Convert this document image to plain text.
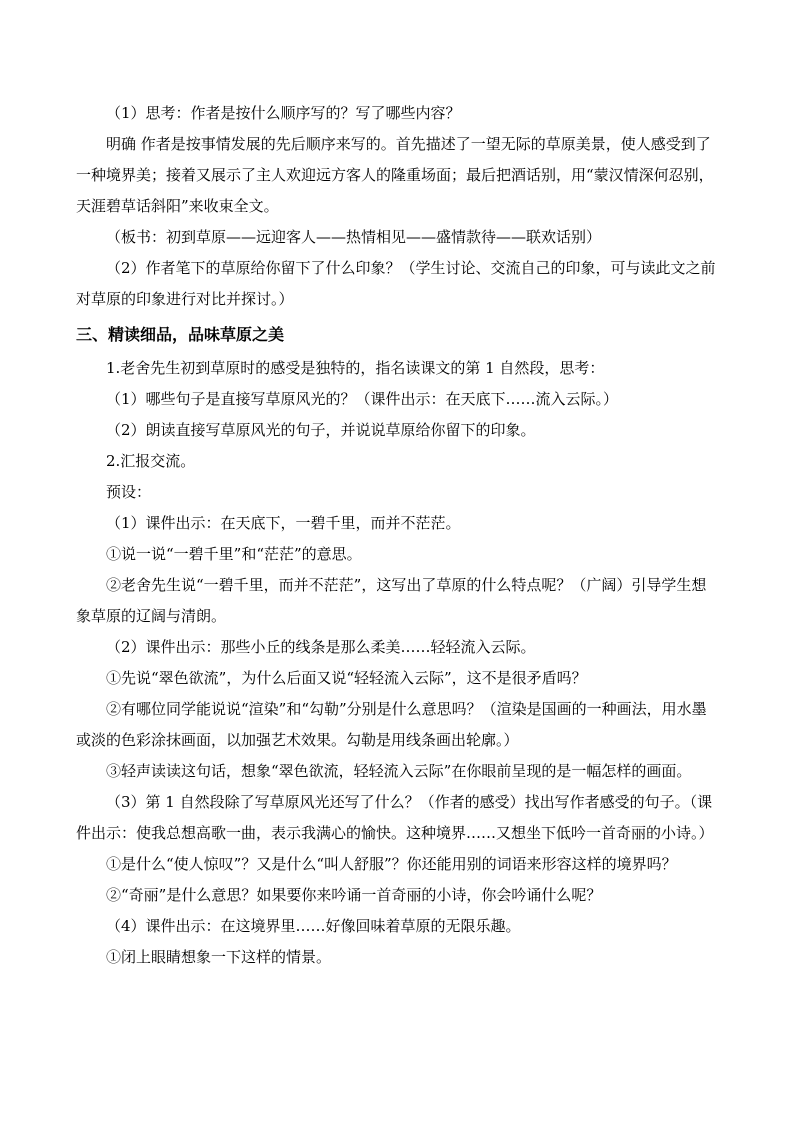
（1）思考：作者是按什么顺序写的？写了哪些内容？

明确 作者是按事情发展的先后顺序来写的。首先描述了一望无际的草原美景，使人感受到了一种境界美；接着又展示了主人欢迎远方客人的隆重场面；最后把酒话别，用“蒙汉情深何忍别，天涯碧草话斜阳”来收束全文。

（板书：初到草原——远迎客人——热情相见——盛情款待——联欢话别）

（2）作者笔下的草原给你留下了什么印象？（学生讨论、交流自己的印象，可与读此文之前对草原的印象进行对比并探讨。）

三、精读细品，品味草原之美

1.老舍先生初到草原时的感受是独特的，指名读课文的第 1 自然段，思考：

（1）哪些句子是直接写草原风光的？（课件出示：在天底下……流入云际。）

（2）朗读直接写草原风光的句子，并说说草原给你留下的印象。

2.汇报交流。

预设：

（1）课件出示：在天底下，一碧千里，而并不茫茫。

①说一说“一碧千里”和“茫茫”的意思。

②老舍先生说“一碧千里，而并不茫茫”，这写出了草原的什么特点呢？（广阔）引导学生想象草原的辽阔与清朗。

（2）课件出示：那些小丘的线条是那么柔美……轻轻流入云际。

①先说“翠色欲流”，为什么后面又说“轻轻流入云际”，这不是很矛盾吗？

②有哪位同学能说说“渲染”和“勾勒”分别是什么意思吗？（渲染是国画的一种画法，用水墨或淡的色彩涂抹画面，以加强艺术效果。勾勒是用线条画出轮廓。）

③轻声读读这句话，想象“翠色欲流，轻轻流入云际”在你眼前呈现的是一幅怎样的画面。

（3）第 1 自然段除了写草原风光还写了什么？（作者的感受）找出写作者感受的句子。（课件出示：使我总想高歌一曲，表示我满心的愉快。这种境界……又想坐下低吟一首奇丽的小诗。）

①是什么“使人惊叹”？又是什么“叫人舒服”？你还能用别的词语来形容这样的境界吗？

②“奇丽”是什么意思？如果要你来吟诵一首奇丽的小诗，你会吟诵什么呢？

（4）课件出示：在这境界里……好像回味着草原的无限乐趣。

①闭上眼睛想象一下这样的情景。
